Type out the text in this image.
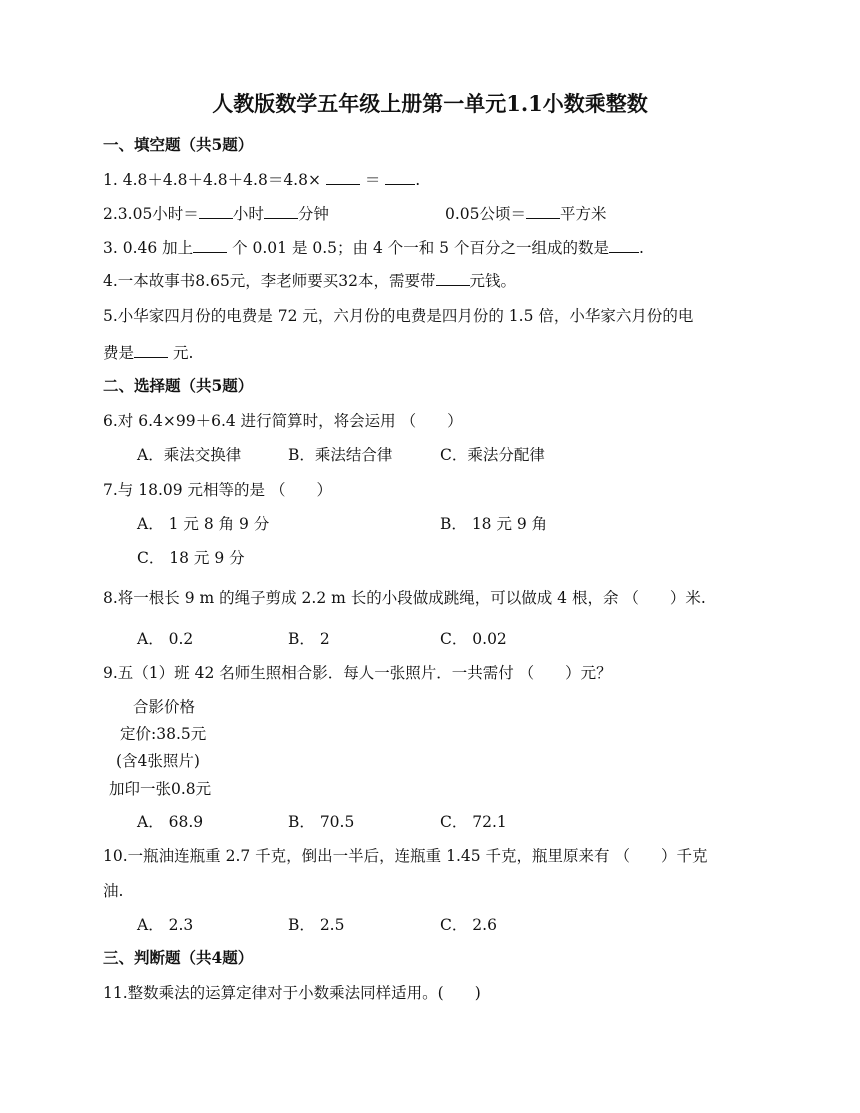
人教版数学五年级上册第一单元1.1小数乘整数
一、填空题（共5题）
1. 4.8＋4.8＋4.8＋4.8＝4.8×	＝ .
2.3.05小时＝ 小时 分钟	0.05公顷＝ 平方米
3. 0.46 加上 个 0.01 是 0.5；由 4 个一和 5 个百分之一组成的数是 .
4.一本故事书8.65元，李老师要买32本，需要带 元钱。
5.小华家四月份的电费是 72 元，六月份的电费是四月份的 1.5 倍，小华家六月份的电
费是 元.
二、选择题（共5题）
6.对 6.4×99＋6.4 进行简算时，将会运用 （　　）
A．乘法交换律	B．乘法结合律	C．乘法分配律
7.与 18.09 元相等的是 （　　）
A． 1 元 8 角 9 分	B． 18 元 9 角
C． 18 元 9 分
8.将一根长 9 m 的绳子剪成 2.2 m 长的小段做成跳绳，可以做成 4 根，余 （　　）米.
A． 0.2	B． 2	C． 0.02
9.五（1）班 42 名师生照相合影．每人一张照片．一共需付 （　　）元？
合影价格
定价:38.5元
(含4张照片)
加印一张0.8元
A． 68.9	B． 70.5	C． 72.1
10.一瓶油连瓶重 2.7 千克，倒出一半后，连瓶重 1.45 千克，瓶里原来有 （　　）千克
油.
A． 2.3	B． 2.5	C． 2.6
三、判断题（共4题）
11.整数乘法的运算定律对于小数乘法同样适用。(　　)
